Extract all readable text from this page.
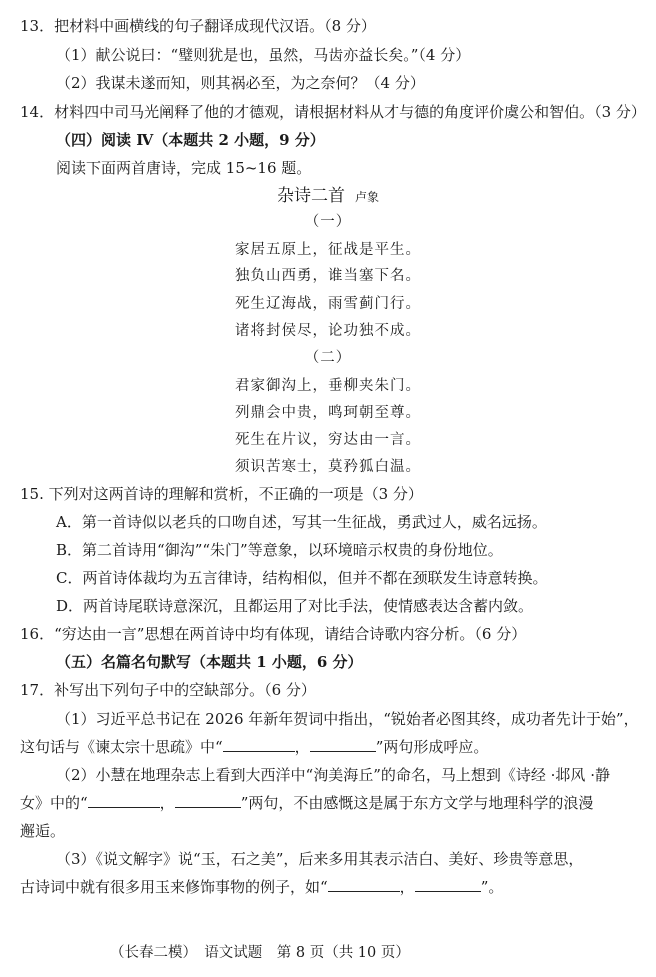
13．把材料中画横线的句子翻译成现代汉语。（8 分）
（1）献公说曰：“璧则犹是也，虽然，马齿亦益长矣。”（4 分）
（2）我谋未遂而知，则其祸必至，为之奈何？（4 分）
14．材料四中司马光阐释了他的才德观，请根据材料从才与德的角度评价虞公和智伯。（3 分）
（四）阅读 Ⅳ（本题共 2 小题，9 分）
阅读下面两首唐诗，完成 15~16 题。
杂诗二首 卢象
（一）
家居五原上，征战是平生。
独负山西勇，谁当塞下名。
死生辽海战，雨雪蓟门行。
诸将封侯尽，论功独不成。
（二）
君家御沟上，垂柳夹朱门。
列鼎会中贵，鸣珂朝至尊。
死生在片议，穷达由一言。
须识苦寒士，莫矜狐白温。
15. 下列对这两首诗的理解和赏析，不正确的一项是（3 分）
A．第一首诗似以老兵的口吻自述，写其一生征战，勇武过人，威名远扬。
B．第二首诗用“御沟”“朱门”等意象，以环境暗示权贵的身份地位。
C．两首诗体裁均为五言律诗，结构相似，但并不都在颈联发生诗意转换。
D．两首诗尾联诗意深沉，且都运用了对比手法，使情感表达含蓄内敛。
16．“穷达由一言”思想在两首诗中均有体现，请结合诗歌内容分析。（6 分）
（五）名篇名句默写（本题共 1 小题，6 分）
17．补写出下列句子中的空缺部分。（6 分）
（1）习近平总书记在 2026 年新年贺词中指出，“锐始者必图其终，成功者先计于始”，
这句话与《谏太宗十思疏》中“	，	”两句形成呼应。
（2）小慧在地理杂志上看到大西洋中“洵美海丘”的命名，马上想到《诗经 ·邶风 ·静
女》中的“	，	”两句，不由感慨这是属于东方文学与地理科学的浪漫
邂逅。
（3）《说文解字》说“玉，石之美”，后来多用其表示洁白、美好、珍贵等意思，
古诗词中就有很多用玉来修饰事物的例子，如“	，	”。
（长春二模）　语文试题　第 8 页（共 10 页）
